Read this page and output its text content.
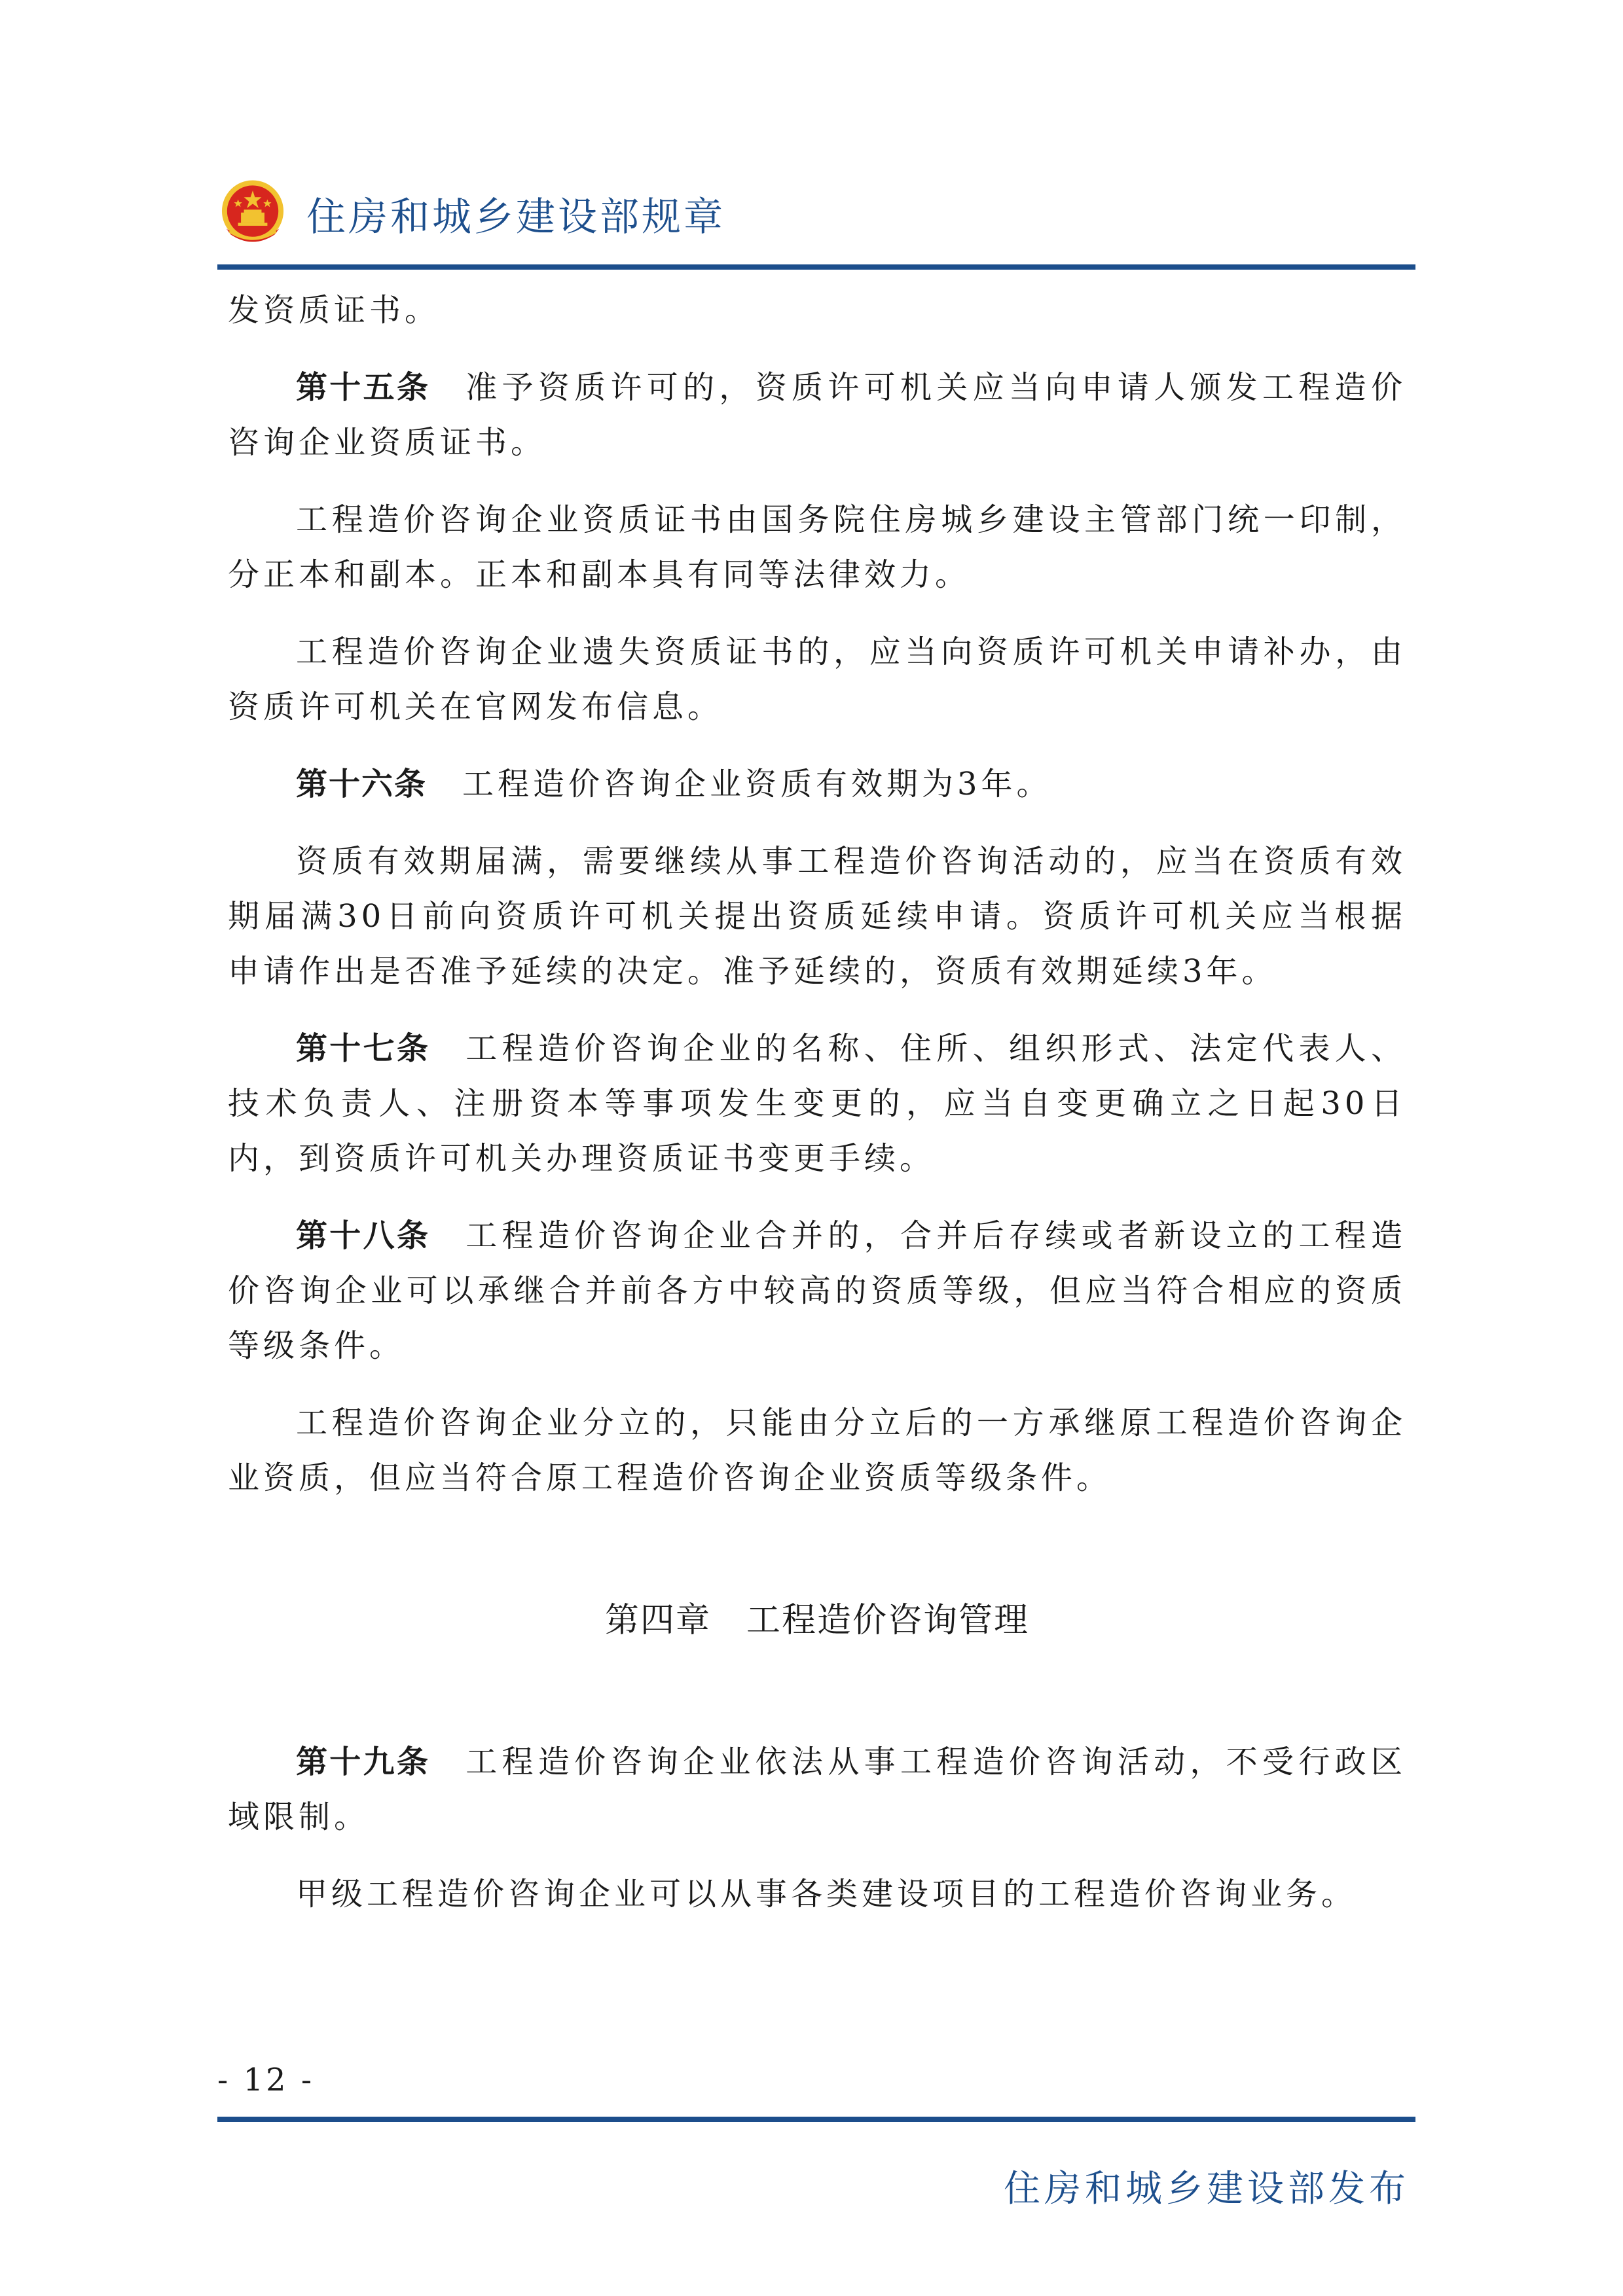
住房和城乡建设部规章

发资质证书。

第十五条 准予资质许可的，资质许可机关应当向申请人颁发工程造价咨询企业资质证书。

工程造价咨询企业资质证书由国务院住房城乡建设主管部门统一印制，分正本和副本。正本和副本具有同等法律效力。

工程造价咨询企业遗失资质证书的，应当向资质许可机关申请补办，由资质许可机关在官网发布信息。

第十六条 工程造价咨询企业资质有效期为3年。

资质有效期届满，需要继续从事工程造价咨询活动的，应当在资质有效期届满30日前向资质许可机关提出资质延续申请。资质许可机关应当根据申请作出是否准予延续的决定。准予延续的，资质有效期延续3年。

第十七条 工程造价咨询企业的名称、住所、组织形式、法定代表人、技术负责人、注册资本等事项发生变更的，应当自变更确立之日起30日内，到资质许可机关办理资质证书变更手续。

第十八条 工程造价咨询企业合并的，合并后存续或者新设立的工程造价咨询企业可以承继合并前各方中较高的资质等级，但应当符合相应的资质等级条件。

工程造价咨询企业分立的，只能由分立后的一方承继原工程造价咨询企业资质，但应当符合原工程造价咨询企业资质等级条件。

第四章 工程造价咨询管理

第十九条 工程造价咨询企业依法从事工程造价咨询活动，不受行政区域限制。

甲级工程造价咨询企业可以从事各类建设项目的工程造价咨询业务。

- 12 -
住房和城乡建设部发布
